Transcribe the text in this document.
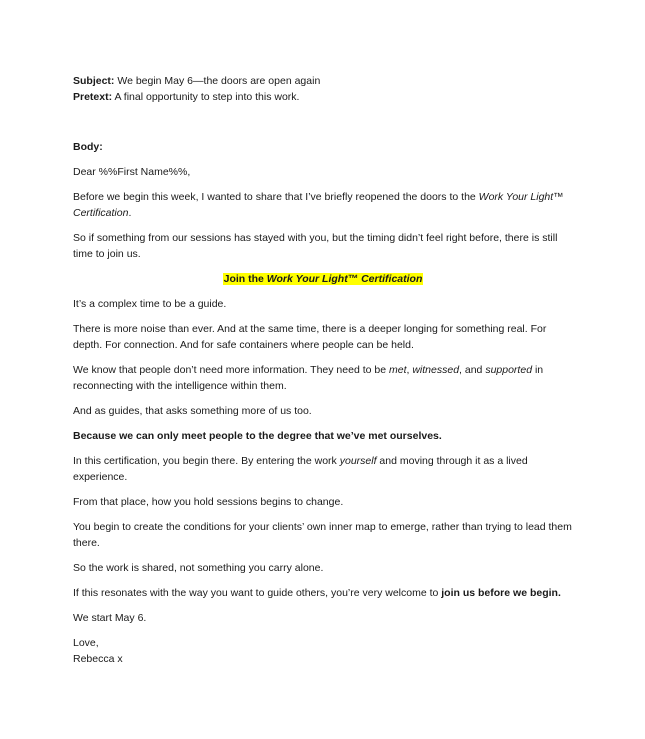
Subject: We begin May 6—the doors are open again

Pretext: A final opportunity to step into this work.

Body:

Dear %%First Name%%,

Before we begin this week, I wanted to share that I’ve briefly reopened the doors to the Work Your Light™ Certification.

So if something from our sessions has stayed with you, but the timing didn’t feel right before, there is still time to join us.

Join the Work Your Light™ Certification

It’s a complex time to be a guide.

There is more noise than ever. And at the same time, there is a deeper longing for something real. For depth. For connection. And for safe containers where people can be held.

We know that people don’t need more information. They need to be met, witnessed, and supported in reconnecting with the intelligence within them.

And as guides, that asks something more of us too.

Because we can only meet people to the degree that we’ve met ourselves.

In this certification, you begin there. By entering the work yourself and moving through it as a lived experience.

From that place, how you hold sessions begins to change.

You begin to create the conditions for your clients’ own inner map to emerge, rather than trying to lead them there.

So the work is shared, not something you carry alone.

If this resonates with the way you want to guide others, you’re very welcome to join us before we begin.

We start May 6.

Love,

Rebecca x
